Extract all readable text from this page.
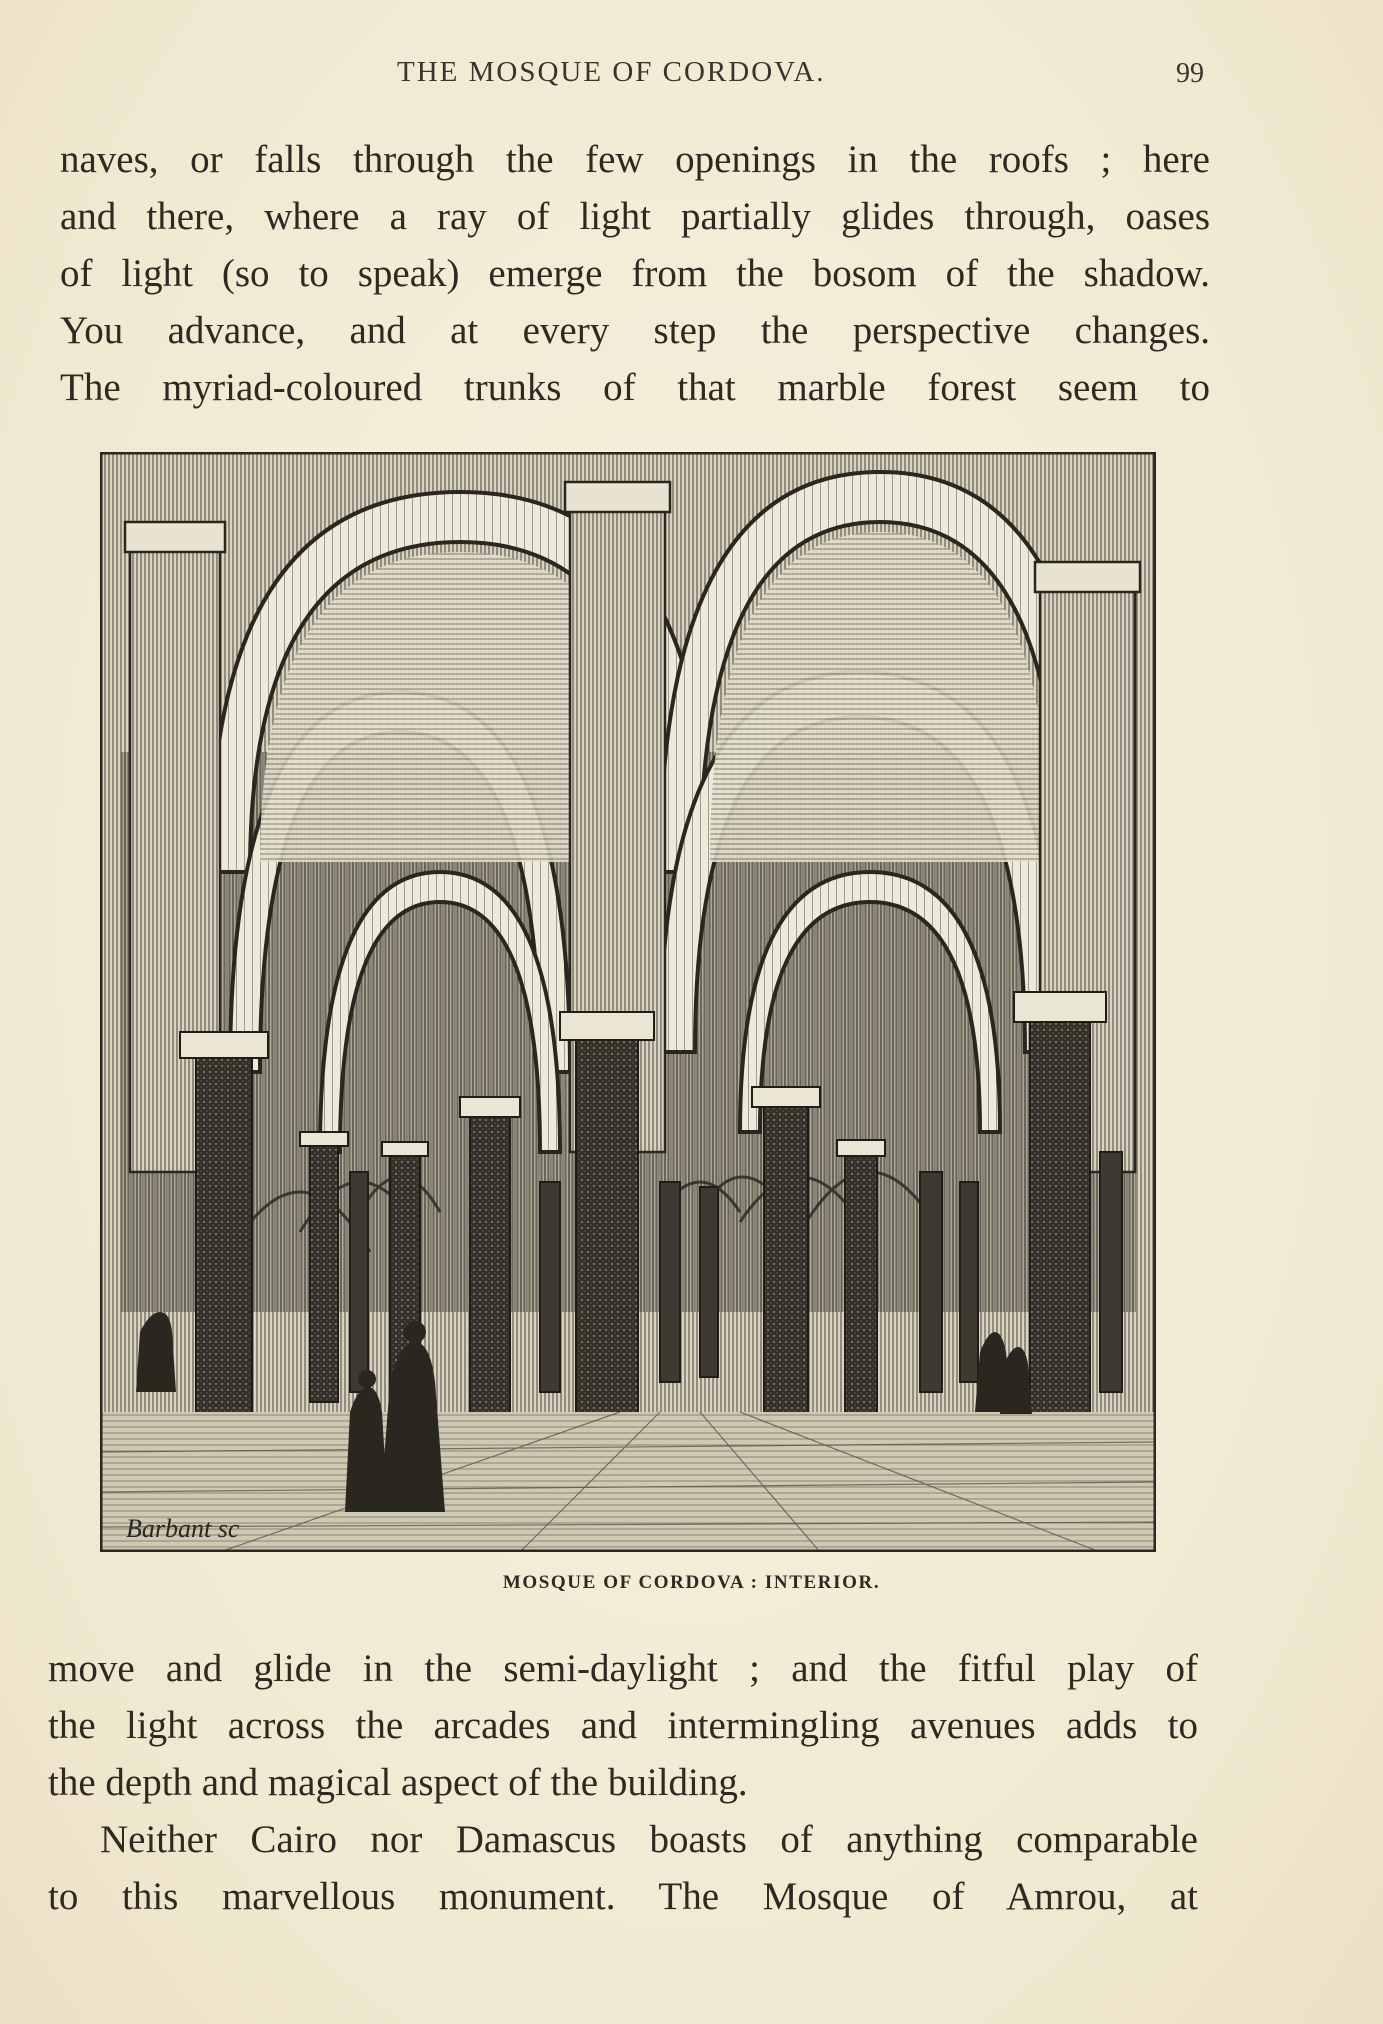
THE MOSQUE OF CORDOVA.	99
naves, or falls through the few openings in the roofs ; here
and there, where a ray of light partially glides through, oases
of light (so to speak) emerge from the bosom of the shadow.
You advance, and at every step the perspective changes.
The myriad-coloured trunks of that marble forest seem to
Barbant sc
MOSQUE OF CORDOVA : INTERIOR.
move and glide in the semi-daylight ; and the fitful play of
the light across the arcades and intermingling avenues adds to
the depth and magical aspect of the building.
Neither Cairo nor Damascus boasts of anything comparable
to this marvellous monument. The Mosque of Amrou, at
